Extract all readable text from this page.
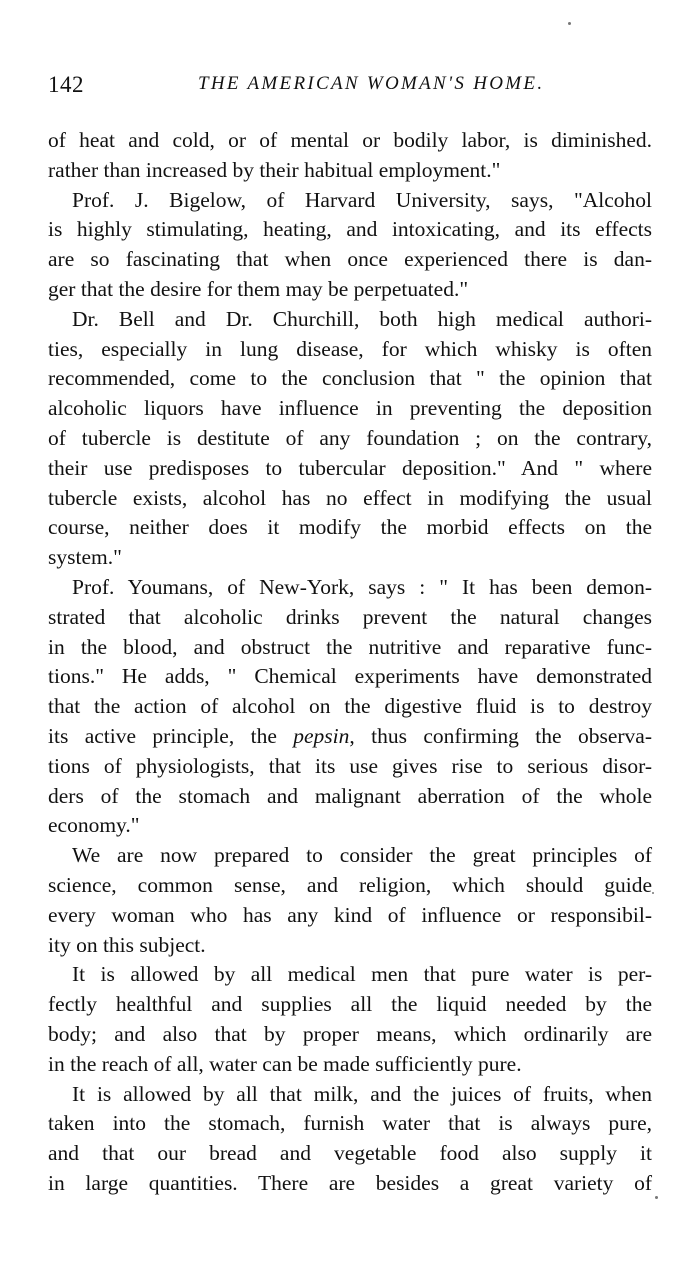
142	THE AMERICAN WOMAN'S HOME.

of heat and cold, or of mental or bodily labor, is diminished.
rather than increased by their habitual employment."

Prof. J. Bigelow, of Harvard University, says, "Alcohol
is highly stimulating, heating, and intoxicating, and its effects
are so fascinating that when once experienced there is dan-
ger that the desire for them may be perpetuated."

Dr. Bell and Dr. Churchill, both high medical authori-
ties, especially in lung disease, for which whisky is often
recommended, come to the conclusion that " the opinion that
alcoholic liquors have influence in preventing the deposition
of tubercle is destitute of any foundation ; on the contrary,
their use predisposes to tubercular deposition." And " where
tubercle exists, alcohol has no effect in modifying the usual
course, neither does it modify the morbid effects on the
system."

Prof. Youmans, of New-York, says : " It has been demon-
strated that alcoholic drinks prevent the natural changes
in the blood, and obstruct the nutritive and reparative func-
tions." He adds, " Chemical experiments have demonstrated
that the action of alcohol on the digestive fluid is to destroy
its active principle, the pepsin, thus confirming the observa-
tions of physiologists, that its use gives rise to serious disor-
ders of the stomach and malignant aberration of the whole
economy."

We are now prepared to consider the great principles of
science, common sense, and religion, which should guide
every woman who has any kind of influence or responsibil-
ity on this subject.

It is allowed by all medical men that pure water is per-
fectly healthful and supplies all the liquid needed by the
body; and also that by proper means, which ordinarily are
in the reach of all, water can be made sufficiently pure.

It is allowed by all that milk, and the juices of fruits, when
taken into the stomach, furnish water that is always pure,
and that our bread and vegetable food also supply it
in large quantities. There are besides a great variety of
